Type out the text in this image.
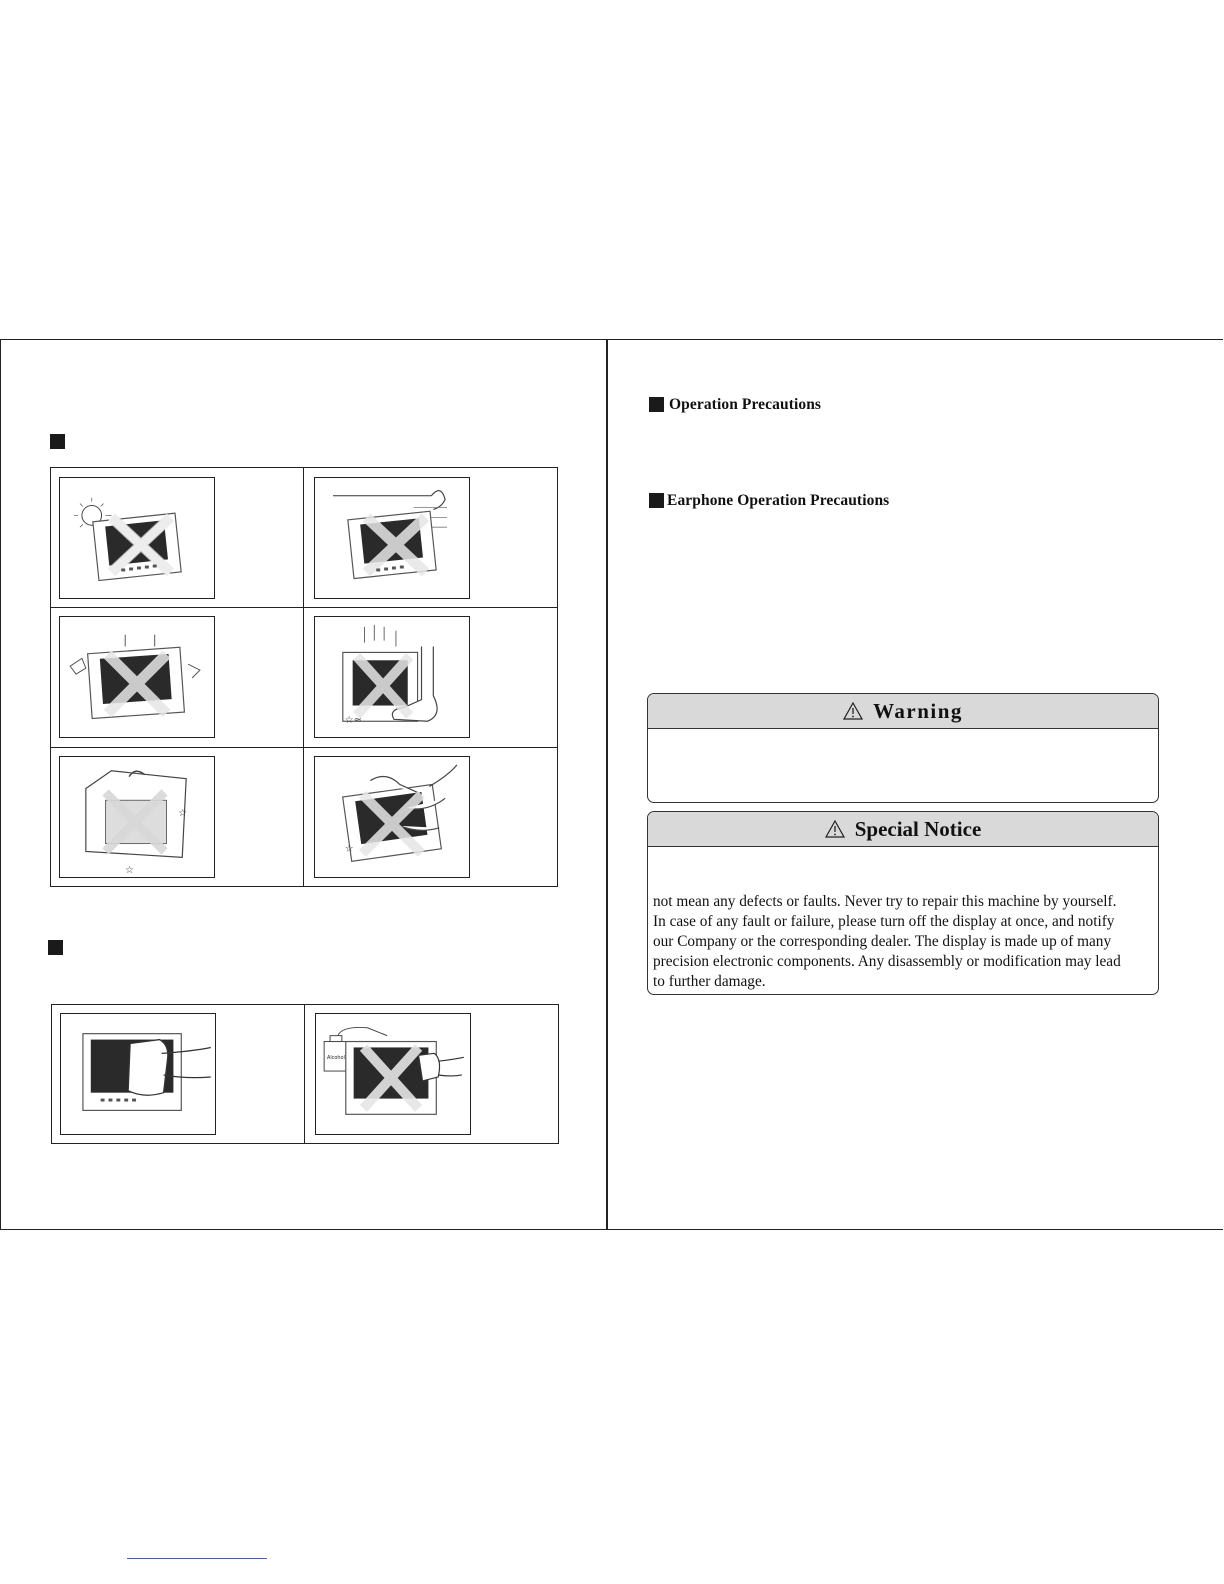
☆≈
☆
☆
☆
Alcohol
Operation Precautions
Earphone Operation Precautions
Warning
Special Notice
not mean any defects or faults. Never try to repair this machine by yourself.
In case of any fault or failure, please turn off the display at once, and notify
our Company or the corresponding dealer. The display is made up of many
precision electronic components. Any disassembly or modification may lead
to further damage.
